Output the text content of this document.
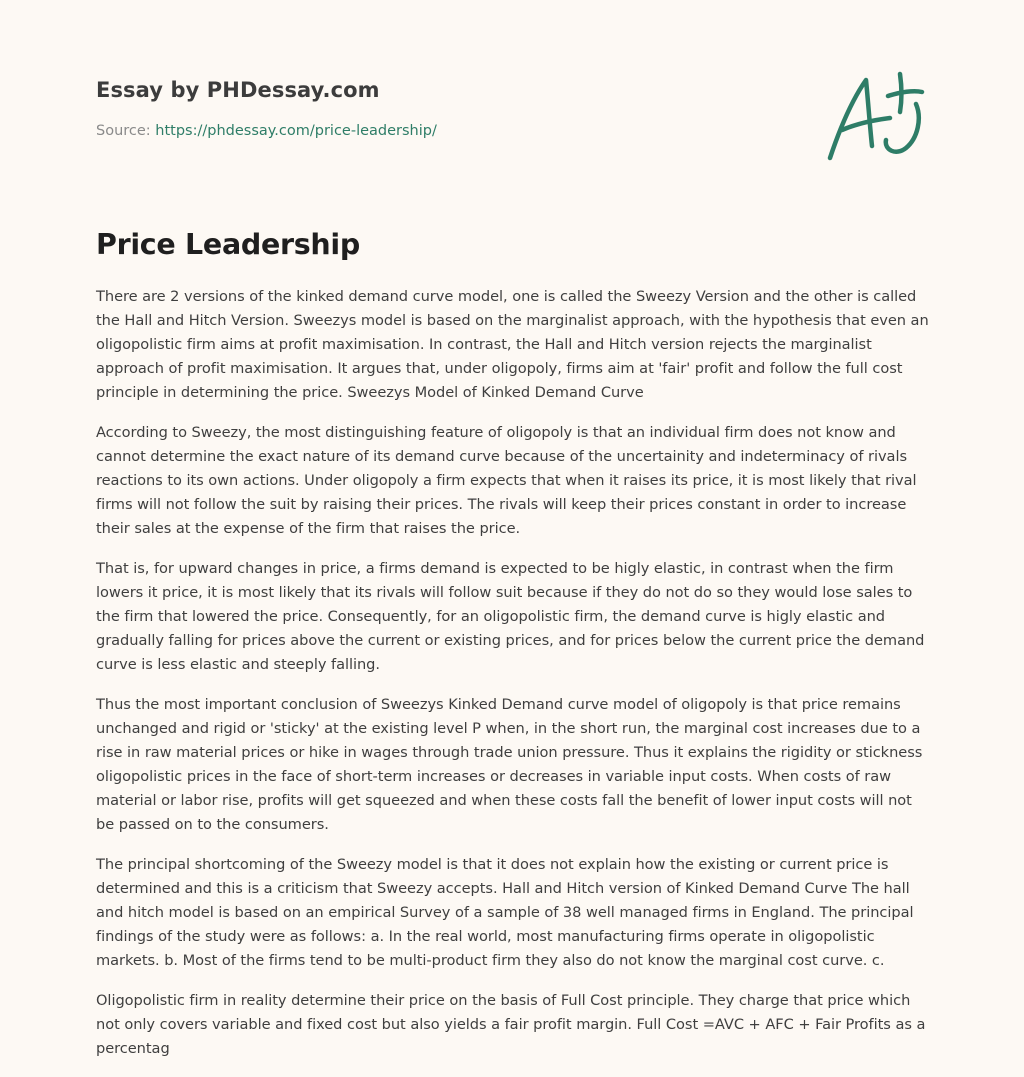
Essay by PHDessay.com
Source: https://phdessay.com/price-leadership/
Price Leadership

There are 2 versions of the kinked demand curve model, one is called the Sweezy Version and the other is called the Hall and Hitch Version. Sweezys model is based on the marginalist approach, with the hypothesis that even an oligopolistic firm aims at profit maximisation. In contrast, the Hall and Hitch version rejects the marginalist approach of profit maximisation. It argues that, under oligopoly, firms aim at 'fair' profit and follow the full cost principle in determining the price. Sweezys Model of Kinked Demand Curve

According to Sweezy, the most distinguishing feature of oligopoly is that an individual firm does not know and cannot determine the exact nature of its demand curve because of the uncertainity and indeterminacy of rivals reactions to its own actions. Under oligopoly a firm expects that when it raises its price, it is most likely that rival firms will not follow the suit by raising their prices. The rivals will keep their prices constant in order to increase their sales at the expense of the firm that raises the price.

That is, for upward changes in price, a firms demand is expected to be higly elastic, in contrast when the firm lowers it price, it is most likely that its rivals will follow suit because if they do not do so they would lose sales to the firm that lowered the price. Consequently, for an oligopolistic firm, the demand curve is higly elastic and gradually falling for prices above the current or existing prices, and for prices below the current price the demand curve is less elastic and steeply falling.

Thus the most important conclusion of Sweezys Kinked Demand curve model of oligopoly is that price remains unchanged and rigid or 'sticky' at the existing level P when, in the short run, the marginal cost increases due to a rise in raw material prices or hike in wages through trade union pressure. Thus it explains the rigidity or stickness oligopolistic prices in the face of short-term increases or decreases in variable input costs. When costs of raw material or labor rise, profits will get squeezed and when these costs fall the benefit of lower input costs will not be passed on to the consumers.

The principal shortcoming of the Sweezy model is that it does not explain how the existing or current price is determined and this is a criticism that Sweezy accepts. Hall and Hitch version of Kinked Demand Curve The hall and hitch model is based on an empirical Survey of a sample of 38 well managed firms in England. The principal findings of the study were as follows: a. In the real world, most manufacturing firms operate in oligopolistic markets. b. Most of the firms tend to be multi-product firm they also do not know the marginal cost curve. c.

Oligopolistic firm in reality determine their price on the basis of Full Cost principle. They charge that price which not only covers variable and fixed cost but also yields a fair profit margin. Full Cost =AVC + AFC + Fair Profits as a percentag
